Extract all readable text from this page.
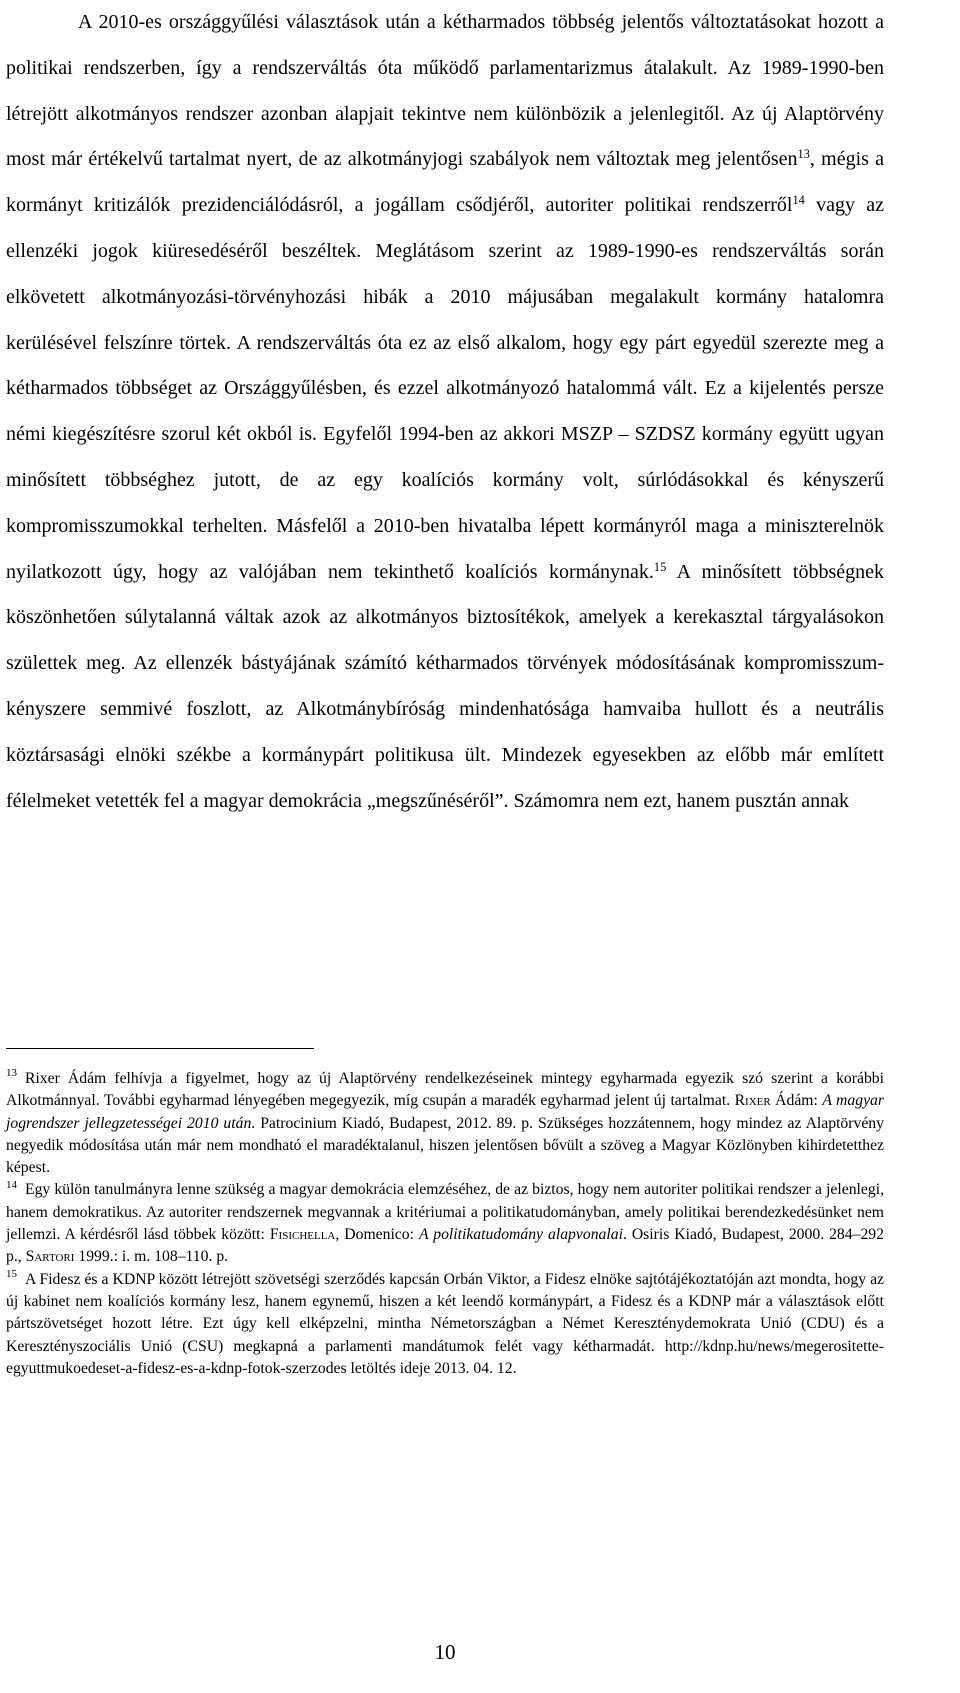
A 2010-es országgyűlési választások után a kétharmados többség jelentős változtatásokat hozott a politikai rendszerben, így a rendszerváltás óta működő parlamentarizmus átalakult. Az 1989-1990-ben létrejött alkotmányos rendszer azonban alapjait tekintve nem különbözik a jelenlegitől. Az új Alaptörvény most már értékelvű tartalmat nyert, de az alkotmányjogi szabályok nem változtak meg jelentősen$^{13}$, mégis a kormányt kritizálók prezidenciálódásról, a jogállam csődjéről, autoriter politikai rendszerről$^{14}$ vagy az ellenzéki jogok kiüresedéséről beszéltek. Meglátásom szerint az 1989-1990-es rendszerváltás során elkövetett alkotmányozási-törvényhozási hibák a 2010 májusában megalakult kormány hatalomra kerülésével felszínre törtek. A rendszerváltás óta ez az első alkalom, hogy egy párt egyedül szerezte meg a kétharmados többséget az Országgyűlésben, és ezzel alkotmányozó hatalommá vált. Ez a kijelentés persze némi kiegészítésre szorul két okból is. Egyfelől 1994-ben az akkori MSZP – SZDSZ kormány együtt ugyan minősített többséghez jutott, de az egy koalíciós kormány volt, súrlódásokkal és kényszerű kompromisszumokkal terhelten. Másfelől a 2010-ben hivatalba lépett kormányról maga a miniszterelnök nyilatkozott úgy, hogy az valójában nem tekinthető koalíciós kormánynak.$^{15}$ A minősített többségnek köszönhetően súlytalanná váltak azok az alkotmányos biztosítékok, amelyek a kerekasztal tárgyalásokon születtek meg. Az ellenzék bástyájának számító kétharmados törvények módosításának kompromisszum-kényszere semmivé foszlott, az Alkotmánybíróság mindenhatósága hamvaiba hullott és a neutrális köztársasági elnöki székbe a kormánypárt politikusa ült. Mindezek egyesekben az előbb már említett félelmeket vetették fel a magyar demokrácia „megszűnéséről”. Számomra nem ezt, hanem pusztán annak

$^{13}$ Rixer Ádám felhívja a figyelmet, hogy az új Alaptörvény rendelkezéseinek mintegy egyharmada egyezik szó szerint a korábbi Alkotmánnyal. További egyharmad lényegében megegyezik, míg csupán a maradék egyharmad jelent új tartalmat. Rixer Ádám: A magyar jogrendszer jellegzetességei 2010 után. Patrocinium Kiadó, Budapest, 2012. 89. p. Szükséges hozzátennem, hogy mindez az Alaptörvény negyedik módosítása után már nem mondható el maradéktalanul, hiszen jelentősen bővült a szöveg a Magyar Közlönyben kihirdetetthez képest.

$^{14}$ Egy külön tanulmányra lenne szükség a magyar demokrácia elemzéséhez, de az biztos, hogy nem autoriter politikai rendszer a jelenlegi, hanem demokratikus. Az autoriter rendszernek megvannak a kritériumai a politikatudományban, amely politikai berendezkedésünket nem jellemzi. A kérdésről lásd többek között: Fisichella, Domenico: A politikatudomány alapvonalai. Osiris Kiadó, Budapest, 2000. 284–292 p., Sartori 1999.: i. m. 108–110. p.

$^{15}$ A Fidesz és a KDNP között létrejött szövetségi szerződés kapcsán Orbán Viktor, a Fidesz elnöke sajtótájékoztatóján azt mondta, hogy az új kabinet nem koalíciós kormány lesz, hanem egynemű, hiszen a két leendő kormánypárt, a Fidesz és a KDNP már a választások előtt pártszövetséget hozott létre. Ezt úgy kell elképzelni, mintha Németországban a Német Kereszténydemokrata Unió (CDU) és a Keresztényszociális Unió (CSU) megkapná a parlamenti mandátumok felét vagy kétharmadát. http://kdnp.hu/news/megerositette-egyuttmukoedeset-a-fidesz-es-a-kdnp-fotok-szerzodes letöltés ideje 2013. 04. 12.

10
